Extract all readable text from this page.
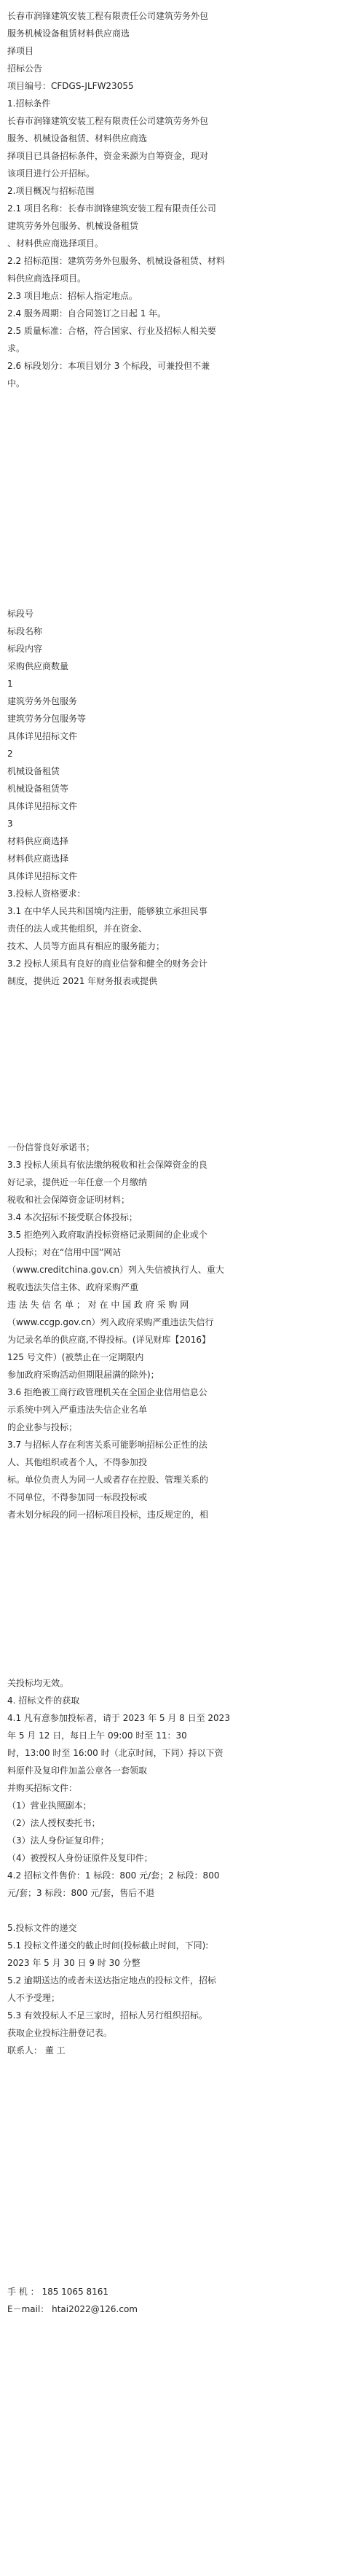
长春市润锋建筑安装工程有限责任公司建筑劳务外包
服务机械设备租赁材料供应商选
择项目
招标公告
项目编号：CFDGS-JLFW23055
1.招标条件
长春市润锋建筑安装工程有限责任公司建筑劳务外包
服务、机械设备租赁、材料供应商选
择项目已具备招标条件，资金来源为自筹资金，现对
该项目进行公开招标。
2.项目概况与招标范围
2.1 项目名称：长春市润锋建筑安装工程有限责任公司
建筑劳务外包服务、机械设备租赁
、材料供应商选择项目。
2.2 招标范围：建筑劳务外包服务、机械设备租赁、材料
料供应商选择项目。
2.3 项目地点：招标人指定地点。
2.4 服务周期：自合同签订之日起 1 年。
2.5 质量标准：合格，符合国家、行业及招标人相关要
求。
2.6 标段划分：本项目划分 3 个标段，可兼投但不兼
中。
标段号
标段名称
标段内容
采购供应商数量
1
建筑劳务外包服务
建筑劳务分包服务等
具体详见招标文件
2
机械设备租赁
机械设备租赁等
具体详见招标文件
3
材料供应商选择
材料供应商选择
具体详见招标文件
3.投标人资格要求：
3.1 在中华人民共和国境内注册，能够独立承担民事
责任的法人或其他组织，并在资金、
技术、人员等方面具有相应的服务能力；
3.2 投标人须具有良好的商业信誉和健全的财务会计
制度，提供近 2021 年财务报表或提供
一份信誉良好承诺书；
3.3 投标人须具有依法缴纳税收和社会保障资金的良
好记录，提供近一年任意一个月缴纳
税收和社会保障资金证明材料；
3.4 本次招标不接受联合体投标；
3.5 拒绝列入政府取消投标资格记录期间的企业或个
人投标；对在“信用中国”网站
（www.creditchina.gov.cn）列入失信被执行人、重大
税收违法失信主体、政府采购严重
违 法 失 信 名 单 ； 对 在 中 国 政 府 采 购 网
（www.ccgp.gov.cn）列入政府采购严重违法失信行
为记录名单的供应商,不得投标。(详见财库【2016】
125 号文件）(被禁止在一定期限内
参加政府采购活动但期限届满的除外)；
3.6 拒绝被工商行政管理机关在全国企业信用信息公
示系统中列入严重违法失信企业名单
的企业参与投标；
3.7 与招标人存在利害关系可能影响招标公正性的法
人、其他组织或者个人，不得参加投
标。单位负责人为同一人或者存在控股、管理关系的
不同单位，不得参加同一标段投标或
者未划分标段的同一招标项目投标，违反规定的，相
关投标均无效。
4. 招标文件的获取
4.1 凡有意参加投标者，请于 2023 年 5 月 8 日至 2023
年 5 月 12 日，每日上午 09:00 时至 11：30
时，13:00 时至 16:00 时（北京时间，下同）持以下资
料原件及复印件加盖公章各一套领取
并购买招标文件：
（1）营业执照副本；
（2）法人授权委托书；
（3）法人身份证复印件；
（4）被授权人身份证原件及复印件；
4.2 招标文件售价：1 标段：800 元/套；2 标段：800
元/套；3 标段：800 元/套，售后不退
5.投标文件的递交
5.1 投标文件递交的截止时间(投标截止时间，下同):
2023 年 5 月 30 日 9 时 30 分整
5.2 逾期送达的或者未送达指定地点的投标文件，招标
人不予受理；
5.3 有效投标人不足三家时，招标人另行组织招标。
获取企业投标注册登记表。
联系人： 董 工
手 机 ： 185 1065 8161
E－mail： htai2022@126.com
